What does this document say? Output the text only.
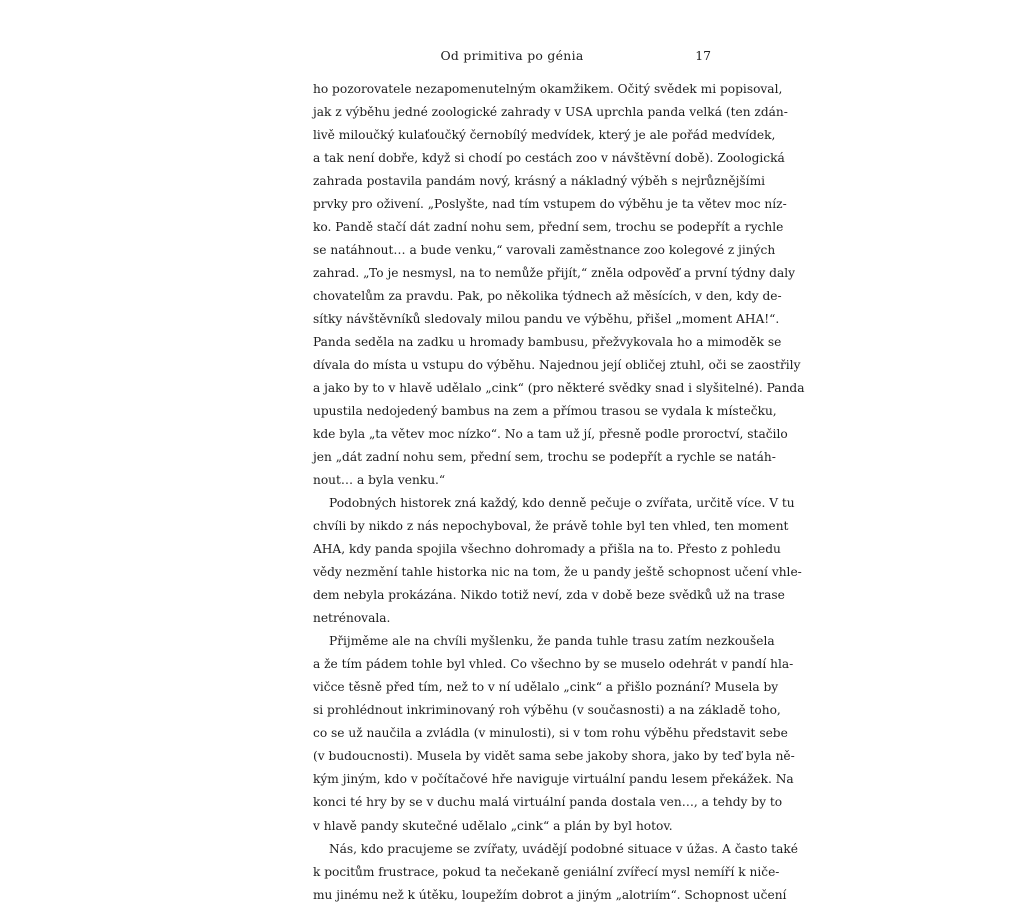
Od primitiva po génia	17
ho pozorovatele nezapomenutelným okamžikem. Očitý svědek mi popisoval,
jak z výběhu jedné zoologické zahrady v USA uprchla panda velká (ten zdán-
livě miloučký kulaťoučký černobílý medvídek, který je ale pořád medvídek,
a tak není dobře, když si chodí po cestách zoo v návštěvní době). Zoologická
zahrada postavila pandám nový, krásný a nákladný výběh s nejrůznějšími
prvky pro oživení. „Poslyšte, nad tím vstupem do výběhu je ta větev moc níz-
ko. Pandě stačí dát zadní nohu sem, přední sem, trochu se podepřít a rychle
se natáhnout… a bude venku,“ varovali zaměstnance zoo kolegové z jiných
zahrad. „To je nesmysl, na to nemůže přijít,“ zněla odpověď a první týdny daly
chovatelům za pravdu. Pak, po několika týdnech až měsících, v den, kdy de-
sítky návštěvníků sledovaly milou pandu ve výběhu, přišel „moment AHA!“.
Panda seděla na zadku u hromady bambusu, přežvykovala ho a mimoděk se
dívala do místa u vstupu do výběhu. Najednou její obličej ztuhl, oči se zaostřily
a jako by to v hlavě udělalo „cink“ (pro některé svědky snad i slyšitelné). Panda
upustila nedojedený bambus na zem a přímou trasou se vydala k místečku,
kde byla „ta větev moc nízko“. No a tam už jí, přesně podle proroctví, stačilo
jen „dát zadní nohu sem, přední sem, trochu se podepřít a rychle se natáh-
nout… a byla venku.“
Podobných historek zná každý, kdo denně pečuje o zvířata, určitě více. V tu
chvíli by nikdo z nás nepochyboval, že právě tohle byl ten vhled, ten moment
AHA, kdy panda spojila všechno dohromady a přišla na to. Přesto z pohledu
vědy nezmění tahle historka nic na tom, že u pandy ještě schopnost učení vhle-
dem nebyla prokázána. Nikdo totiž neví, zda v době beze svědků už na trase
netrénovala.
Přijměme ale na chvíli myšlenku, že panda tuhle trasu zatím nezkoušela
a že tím pádem tohle byl vhled. Co všechno by se muselo odehrát v pandí hla-
vičce těsně před tím, než to v ní udělalo „cink“ a přišlo poznání? Musela by
si prohlédnout inkriminovaný roh výběhu (v současnosti) a na základě toho,
co se už naučila a zvládla (v minulosti), si v tom rohu výběhu představit sebe
(v budoucnosti). Musela by vidět sama sebe jakoby shora, jako by teď byla ně-
kým jiným, kdo v počítačové hře naviguje virtuální pandu lesem překážek. Na
konci té hry by se v duchu malá virtuální panda dostala ven…, a tehdy by to
v hlavě pandy skutečné udělalo „cink“ a plán by byl hotov.
Nás, kdo pracujeme se zvířaty, uvádějí podobné situace v úžas. A často také
k pocitům frustrace, pokud ta nečekaně geniální zvířecí mysl nemíří k niče-
mu jinému než k útěku, loupežím dobrot a jiným „alotriím“. Schopnost učení
